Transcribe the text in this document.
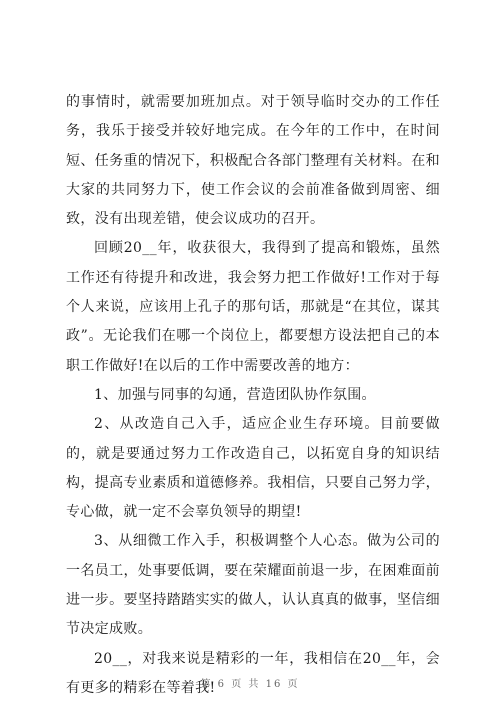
的事情时，就需要加班加点。对于领导临时交办的工作任务，我乐于接受并较好地完成。在今年的工作中，在时间短、任务重的情况下，积极配合各部门整理有关材料。在和大家的共同努力下，使工作会议的会前准备做到周密、细致，没有出现差错，使会议成功的召开。

回顾20__年，收获很大，我得到了提高和锻炼，虽然工作还有待提升和改进，我会努力把工作做好!工作对于每个人来说，应该用上孔子的那句话，那就是“在其位，谋其政”。无论我们在哪一个岗位上，都要想方设法把自己的本职工作做好!在以后的工作中需要改善的地方：

1、加强与同事的勾通，营造团队协作氛围。

2、从改造自己入手，适应企业生存环境。目前要做的，就是要通过努力工作改造自己，以拓宽自身的知识结构，提高专业素质和道德修养。我相信，只要自己努力学，专心做，就一定不会辜负领导的期望!

3、从细微工作入手，积极调整个人心态。做为公司的一名员工，处事要低调，要在荣耀面前退一步，在困难面前进一步。要坚持踏踏实实的做人，认认真真的做事，坚信细节决定成败。

20__，对我来说是精彩的一年，我相信在20__年，会有更多的精彩在等着我!

第 6 页 共 16 页
